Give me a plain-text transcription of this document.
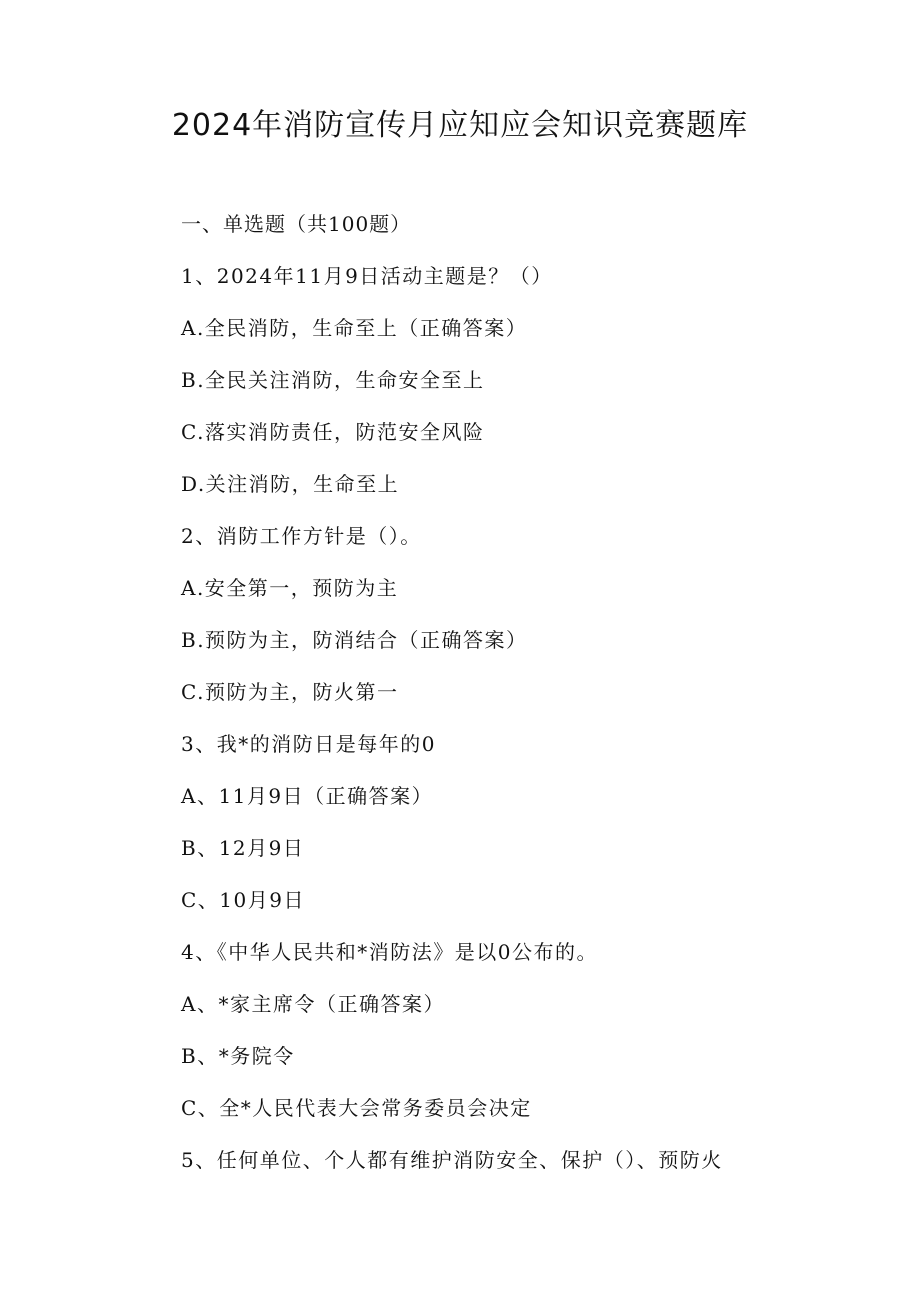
2024年消防宣传月应知应会知识竞赛题库
一、单选题（共100题）
1、2024年11月9日活动主题是？（）
A.全民消防，生命至上（正确答案）
B.全民关注消防，生命安全至上
C.落实消防责任，防范安全风险
D.关注消防，生命至上
2、消防工作方针是（）。
A.安全第一，预防为主
B.预防为主，防消结合（正确答案）
C.预防为主，防火第一
3、我*的消防日是每年的0
A、11月9日（正确答案）
B、12月9日
C、10月9日
4、《中华人民共和*消防法》是以0公布的。
A、*家主席令（正确答案）
B、*务院令
C、全*人民代表大会常务委员会决定
5、任何单位、个人都有维护消防安全、保护（）、预防火
